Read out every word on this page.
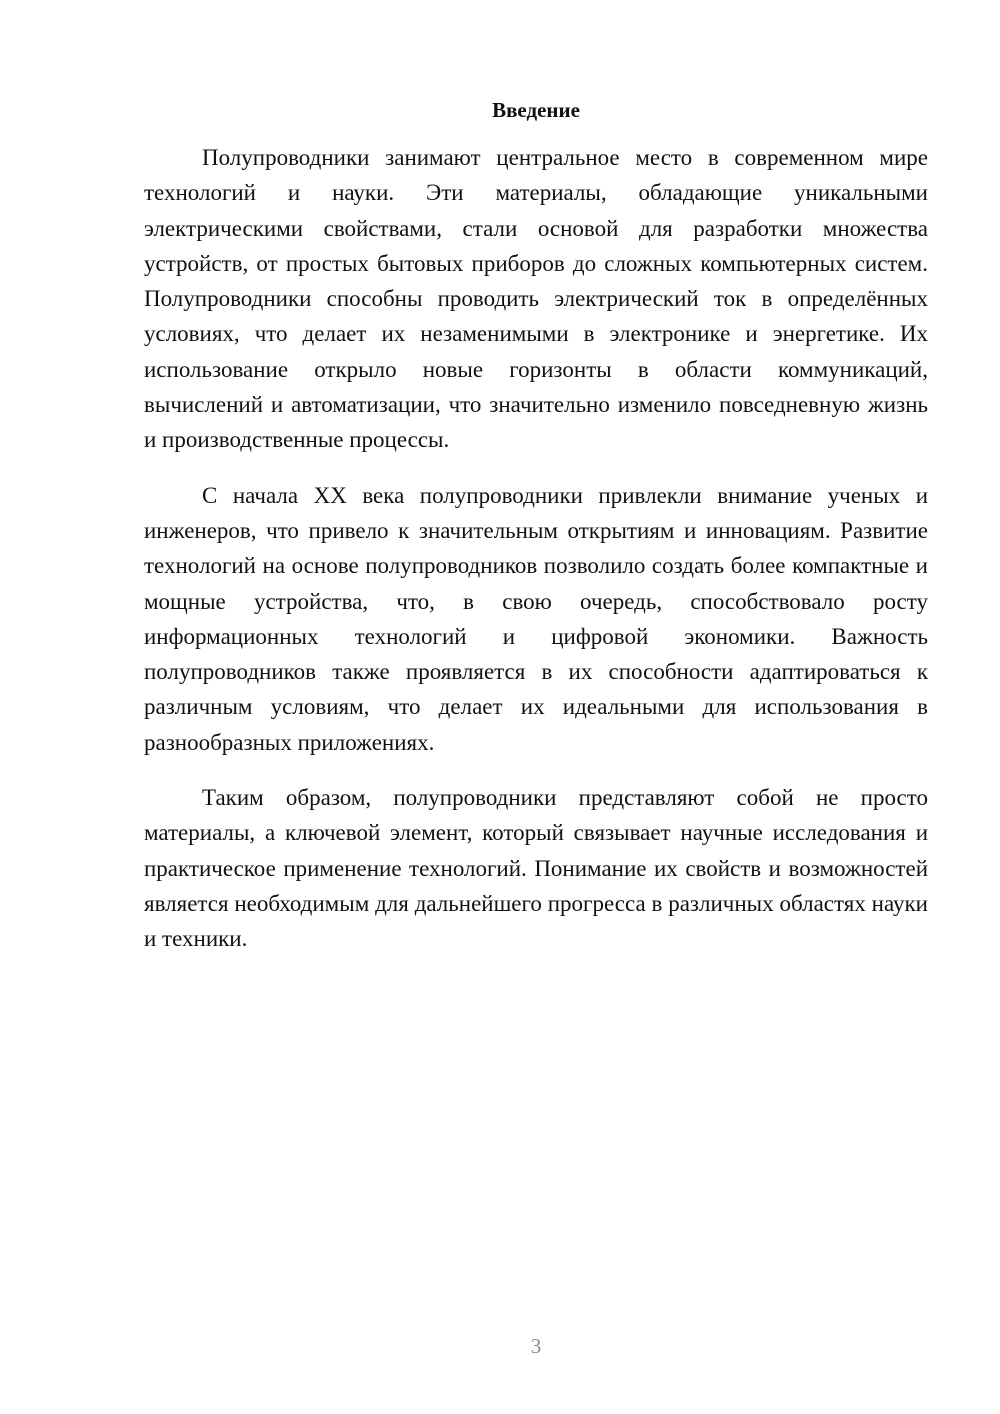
Введение

Полупроводники занимают центральное место в современном мире технологий и науки. Эти материалы, обладающие уникальными электрическими свойствами, стали основой для разработки множества устройств, от простых бытовых приборов до сложных компьютерных систем. Полупроводники способны проводить электрический ток в определённых условиях, что делает их незаменимыми в электронике и энергетике. Их использование открыло новые горизонты в области коммуникаций, вычислений и автоматизации, что значительно изменило повседневную жизнь и производственные процессы.

С начала XX века полупроводники привлекли внимание ученых и инженеров, что привело к значительным открытиям и инновациям. Развитие технологий на основе полупроводников позволило создать более компактные и мощные устройства, что, в свою очередь, способствовало росту информационных технологий и цифровой экономики. Важность полупроводников также проявляется в их способности адаптироваться к различным условиям, что делает их идеальными для использования в разнообразных приложениях.

Таким образом, полупроводники представляют собой не просто материалы, а ключевой элемент, который связывает научные исследования и практическое применение технологий. Понимание их свойств и возможностей является необходимым для дальнейшего прогресса в различных областях науки и техники.

3
